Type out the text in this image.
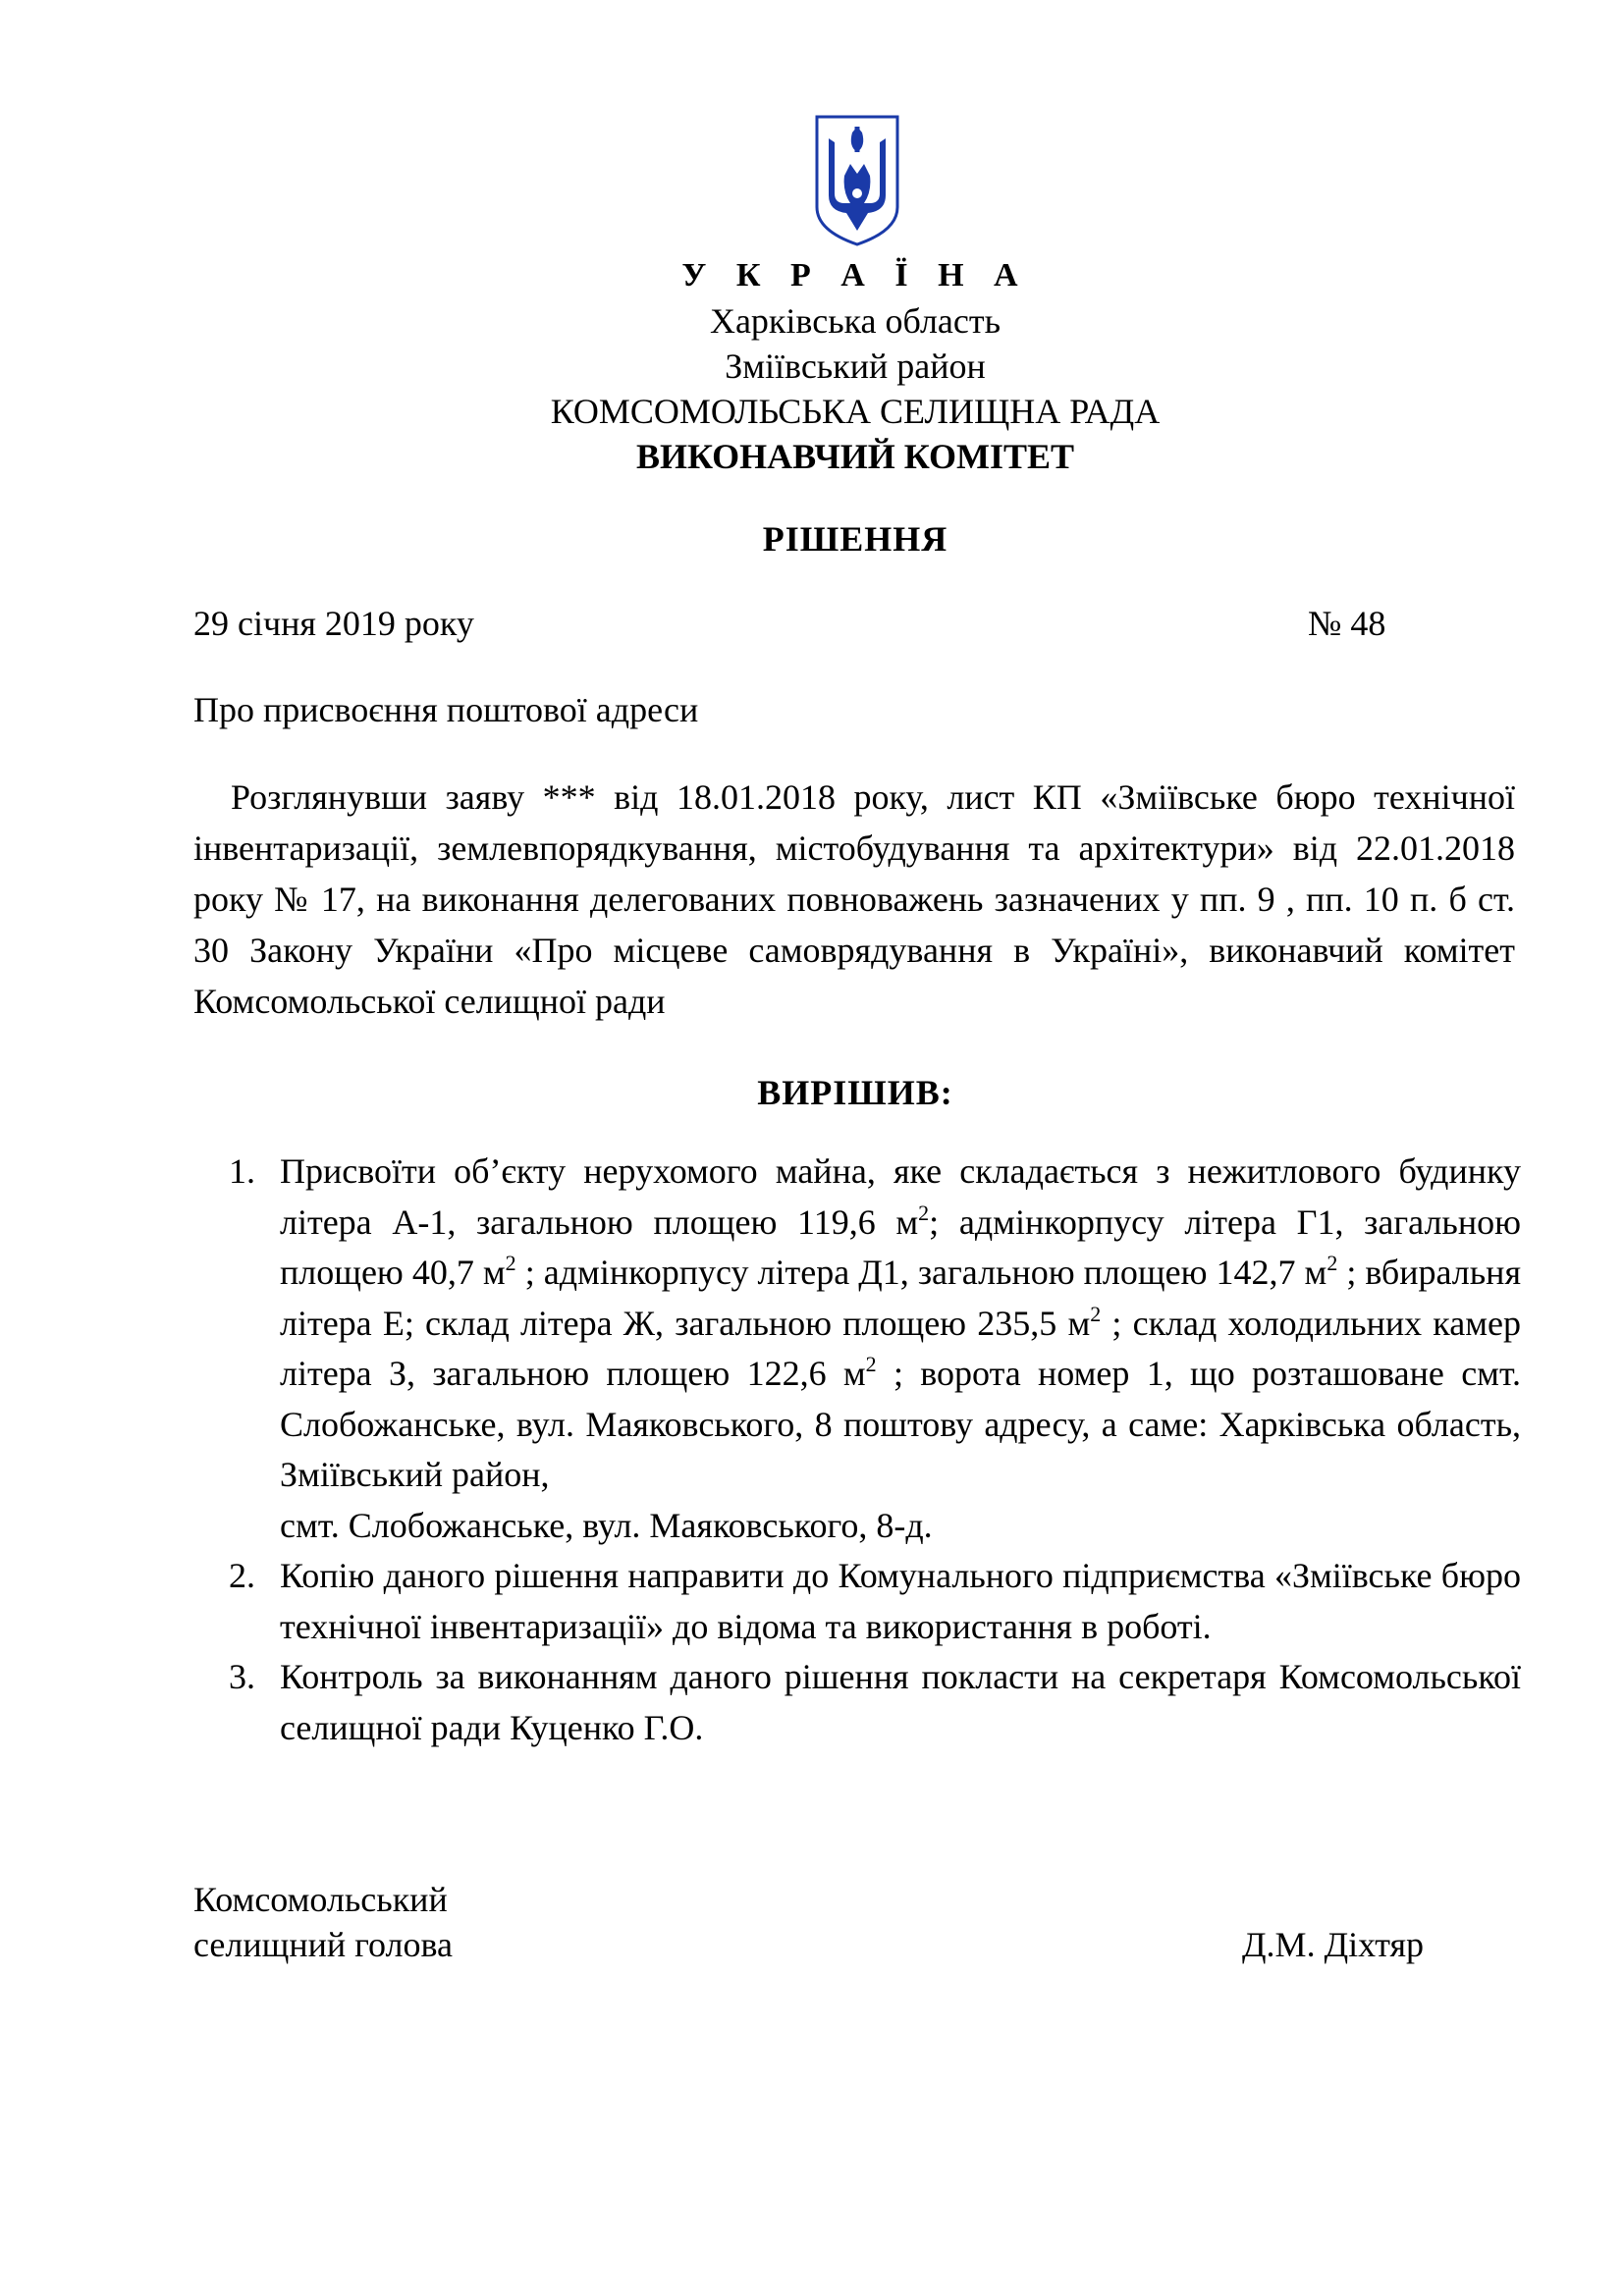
У К Р А Ї Н А
Харківська область
Зміївський район
КОМСОМОЛЬСЬКА СЕЛИЩНА РАДА
ВИКОНАВЧИЙ КОМІТЕТ
РІШЕННЯ
29 січня 2019 року	№ 48
Про присвоєння поштової адреси
Розглянувши заяву *** від 18.01.2018 року, лист КП «Зміївське бюро технічної інвентаризації, землевпорядкування, містобудування та архітектури» від 22.01.2018 року № 17, на виконання делегованих повноважень зазначених у пп. 9 , пп. 10 п. б ст. 30 Закону України «Про місцеве самоврядування в Україні», виконавчий комітет Комсомольської селищної ради
ВИРІШИВ:
1. Присвоїти об’єкту нерухомого майна, яке складається з нежитлового будинку літера А-1, загальною площею 119,6 $м^2$; адмінкорпусу літера Г1, загальною площею 40,7 $м^2$ ; адмінкорпусу літера Д1, загальною площею 142,7 $м^2$ ; вбиральня літера Е; склад літера Ж, загальною площею 235,5 $м^2$ ; склад холодильних камер літера З, загальною площею 122,6 $м^2$ ; ворота номер 1, що розташоване смт. Слобожанське, вул. Маяковського, 8 поштову адресу, а саме: Харківська область, Зміївський район,
смт. Слобожанське, вул. Маяковського, 8-д.
2. Копію даного рішення направити до Комунального підприємства «Зміївське бюро технічної інвентаризації» до відома та використання в роботі.
3. Контроль за виконанням даного рішення покласти на секретаря Комсомольської селищної ради Куценко Г.О.
Комсомольський
селищний голова	Д.М. Діхтяр
